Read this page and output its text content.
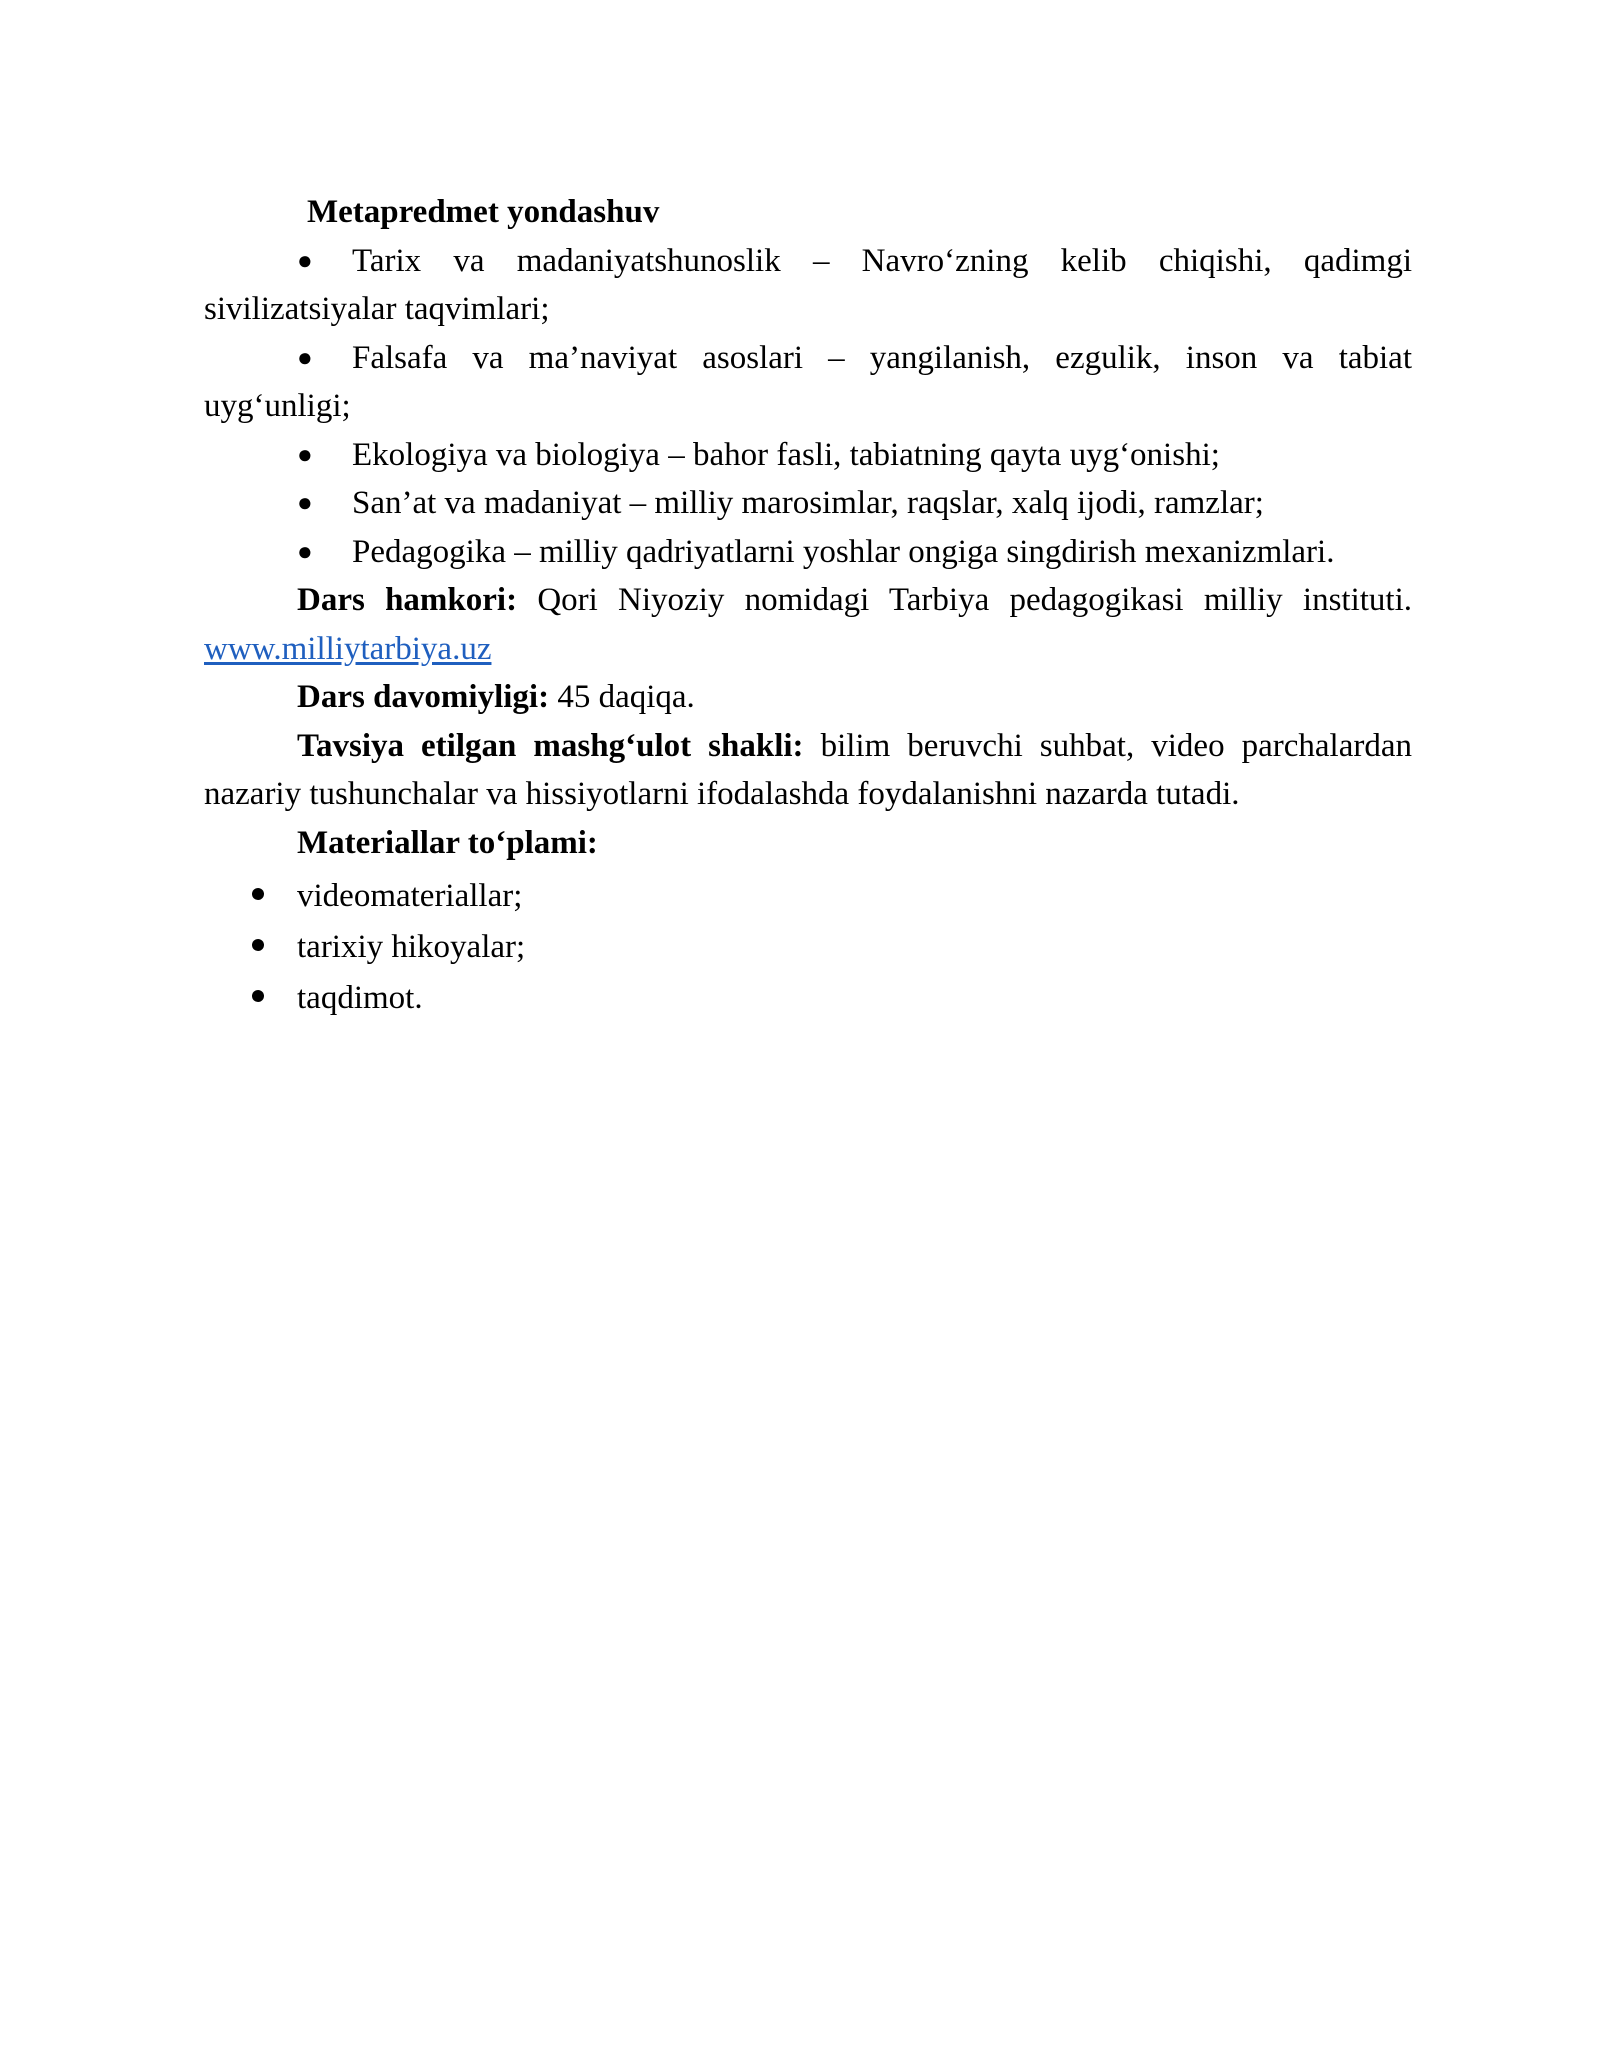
Metapredmet yondashuv

● Tarix va madaniyatshunoslik – Navro‘zning kelib chiqishi, qadimgi sivilizatsiyalar taqvimlari;

● Falsafa va ma’naviyat asoslari – yangilanish, ezgulik, inson va tabiat uyg‘unligi;

● Ekologiya va biologiya – bahor fasli, tabiatning qayta uyg‘onishi;

● San’at va madaniyat – milliy marosimlar, raqslar, xalq ijodi, ramzlar;

● Pedagogika – milliy qadriyatlarni yoshlar ongiga singdirish mexanizmlari.

Dars hamkori: Qori Niyoziy nomidagi Tarbiya pedagogikasi milliy instituti. www.milliytarbiya.uz

Dars davomiyligi: 45 daqiqa.

Tavsiya etilgan mashg‘ulot shakli: bilim beruvchi suhbat, video parchalardan nazariy tushunchalar va hissiyotlarni ifodalashda foydalanishni nazarda tutadi.

Materiallar to‘plami:

videomateriallar;
tarixiy hikoyalar;
taqdimot.
